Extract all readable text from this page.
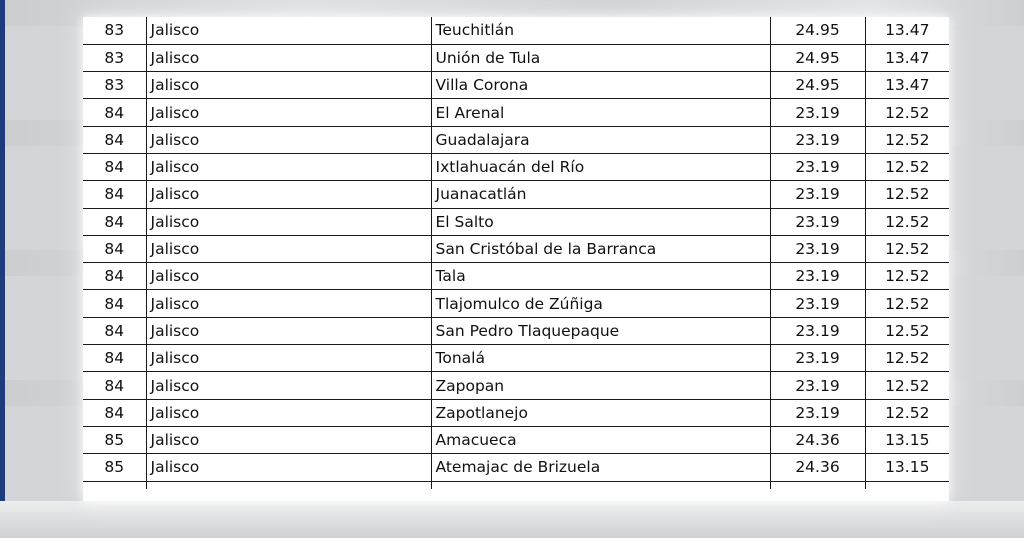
83	Jalisco	Teuchitlán	24.95	13.47
83	Jalisco	Unión de Tula	24.95	13.47
83	Jalisco	Villa Corona	24.95	13.47
84	Jalisco	El Arenal	23.19	12.52
84	Jalisco	Guadalajara	23.19	12.52
84	Jalisco	Ixtlahuacán del Río	23.19	12.52
84	Jalisco	Juanacatlán	23.19	12.52
84	Jalisco	El Salto	23.19	12.52
84	Jalisco	San Cristóbal de la Barranca	23.19	12.52
84	Jalisco	Tala	23.19	12.52
84	Jalisco	Tlajomulco de Zúñiga	23.19	12.52
84	Jalisco	San Pedro Tlaquepaque	23.19	12.52
84	Jalisco	Tonalá	23.19	12.52
84	Jalisco	Zapopan	23.19	12.52
84	Jalisco	Zapotlanejo	23.19	12.52
85	Jalisco	Amacueca	24.36	13.15
85	Jalisco	Atemajac de Brizuela	24.36	13.15
